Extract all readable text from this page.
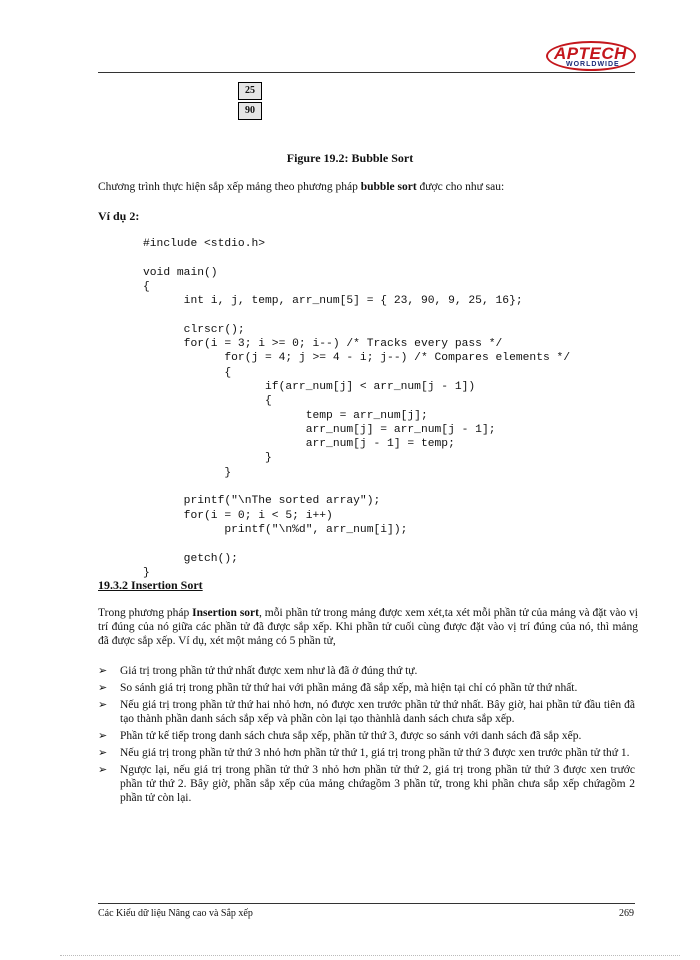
APTECH
WORLDWIDE
25
90
Figure 19.2: Bubble Sort
Chương trình thực hiện sắp xếp mảng theo phương pháp bubble sort được cho như sau:
Ví dụ 2:
#include <stdio.h>

void main()
{
int i, j, temp, arr_num[5] = { 23, 90, 9, 25, 16};

clrscr();
for(i = 3; i >= 0; i--) /* Tracks every pass */
for(j = 4; j >= 4 - i; j--) /* Compares elements */
{
if(arr_num[j] < arr_num[j - 1])
{
temp = arr_num[j];
arr_num[j] = arr_num[j - 1];
arr_num[j - 1] = temp;
}
}

printf("\nThe sorted array");
for(i = 0; i < 5; i++)
printf("\n%d", arr_num[i]);

getch();
}
19.3.2 Insertion Sort
Trong phương pháp Insertion sort, mỗi phần tử trong mảng được xem xét,ta xét mỗi phần tử của mảng và đặt vào vị trí đúng của nó giữa các phần tử đã được sắp xếp. Khi phần tử cuối cùng được đặt vào vị trí đúng của nó, thì mảng đã được sắp xếp. Ví dụ, xét một mảng có 5 phần tử,
➢ Giá trị trong phần tử thứ nhất được xem như là đã ở đúng thứ tự.
➢ So sánh giá trị trong phần tử thứ hai với phần mảng đã sắp xếp, mà hiện tại chỉ có phần tử thứ nhất.
➢ Nếu giá trị trong phần tử thứ hai nhỏ hơn, nó được xen trước phần tử thứ nhất. Bây giờ, hai phần tử đầu tiên đã tạo thành phần danh sách sắp xếp và phần còn lại tạo thànhlà danh sách chưa sắp xếp.
➢ Phần tử kế tiếp trong danh sách chưa sắp xếp, phần tử thứ 3, được so sánh với danh sách đã sắp xếp.
➢ Nếu giá trị trong phần tử thứ 3 nhỏ hơn phần tử thứ 1, giá trị trong phần tử thứ 3 được xen trước phần tử thứ 1.
➢ Ngược lại, nếu giá trị trong phần tử thứ 3 nhỏ hơn phần tử thứ 2, giá trị trong phần tử thứ 3 được xen trước phần tử thứ 2. Bây giờ, phần sắp xếp của mảng chứagồm 3 phần tử, trong khi phần chưa sắp xếp chứagồm 2 phần tử còn lại.
Các Kiểu dữ liệu Nâng cao và Sắp xếp	269
